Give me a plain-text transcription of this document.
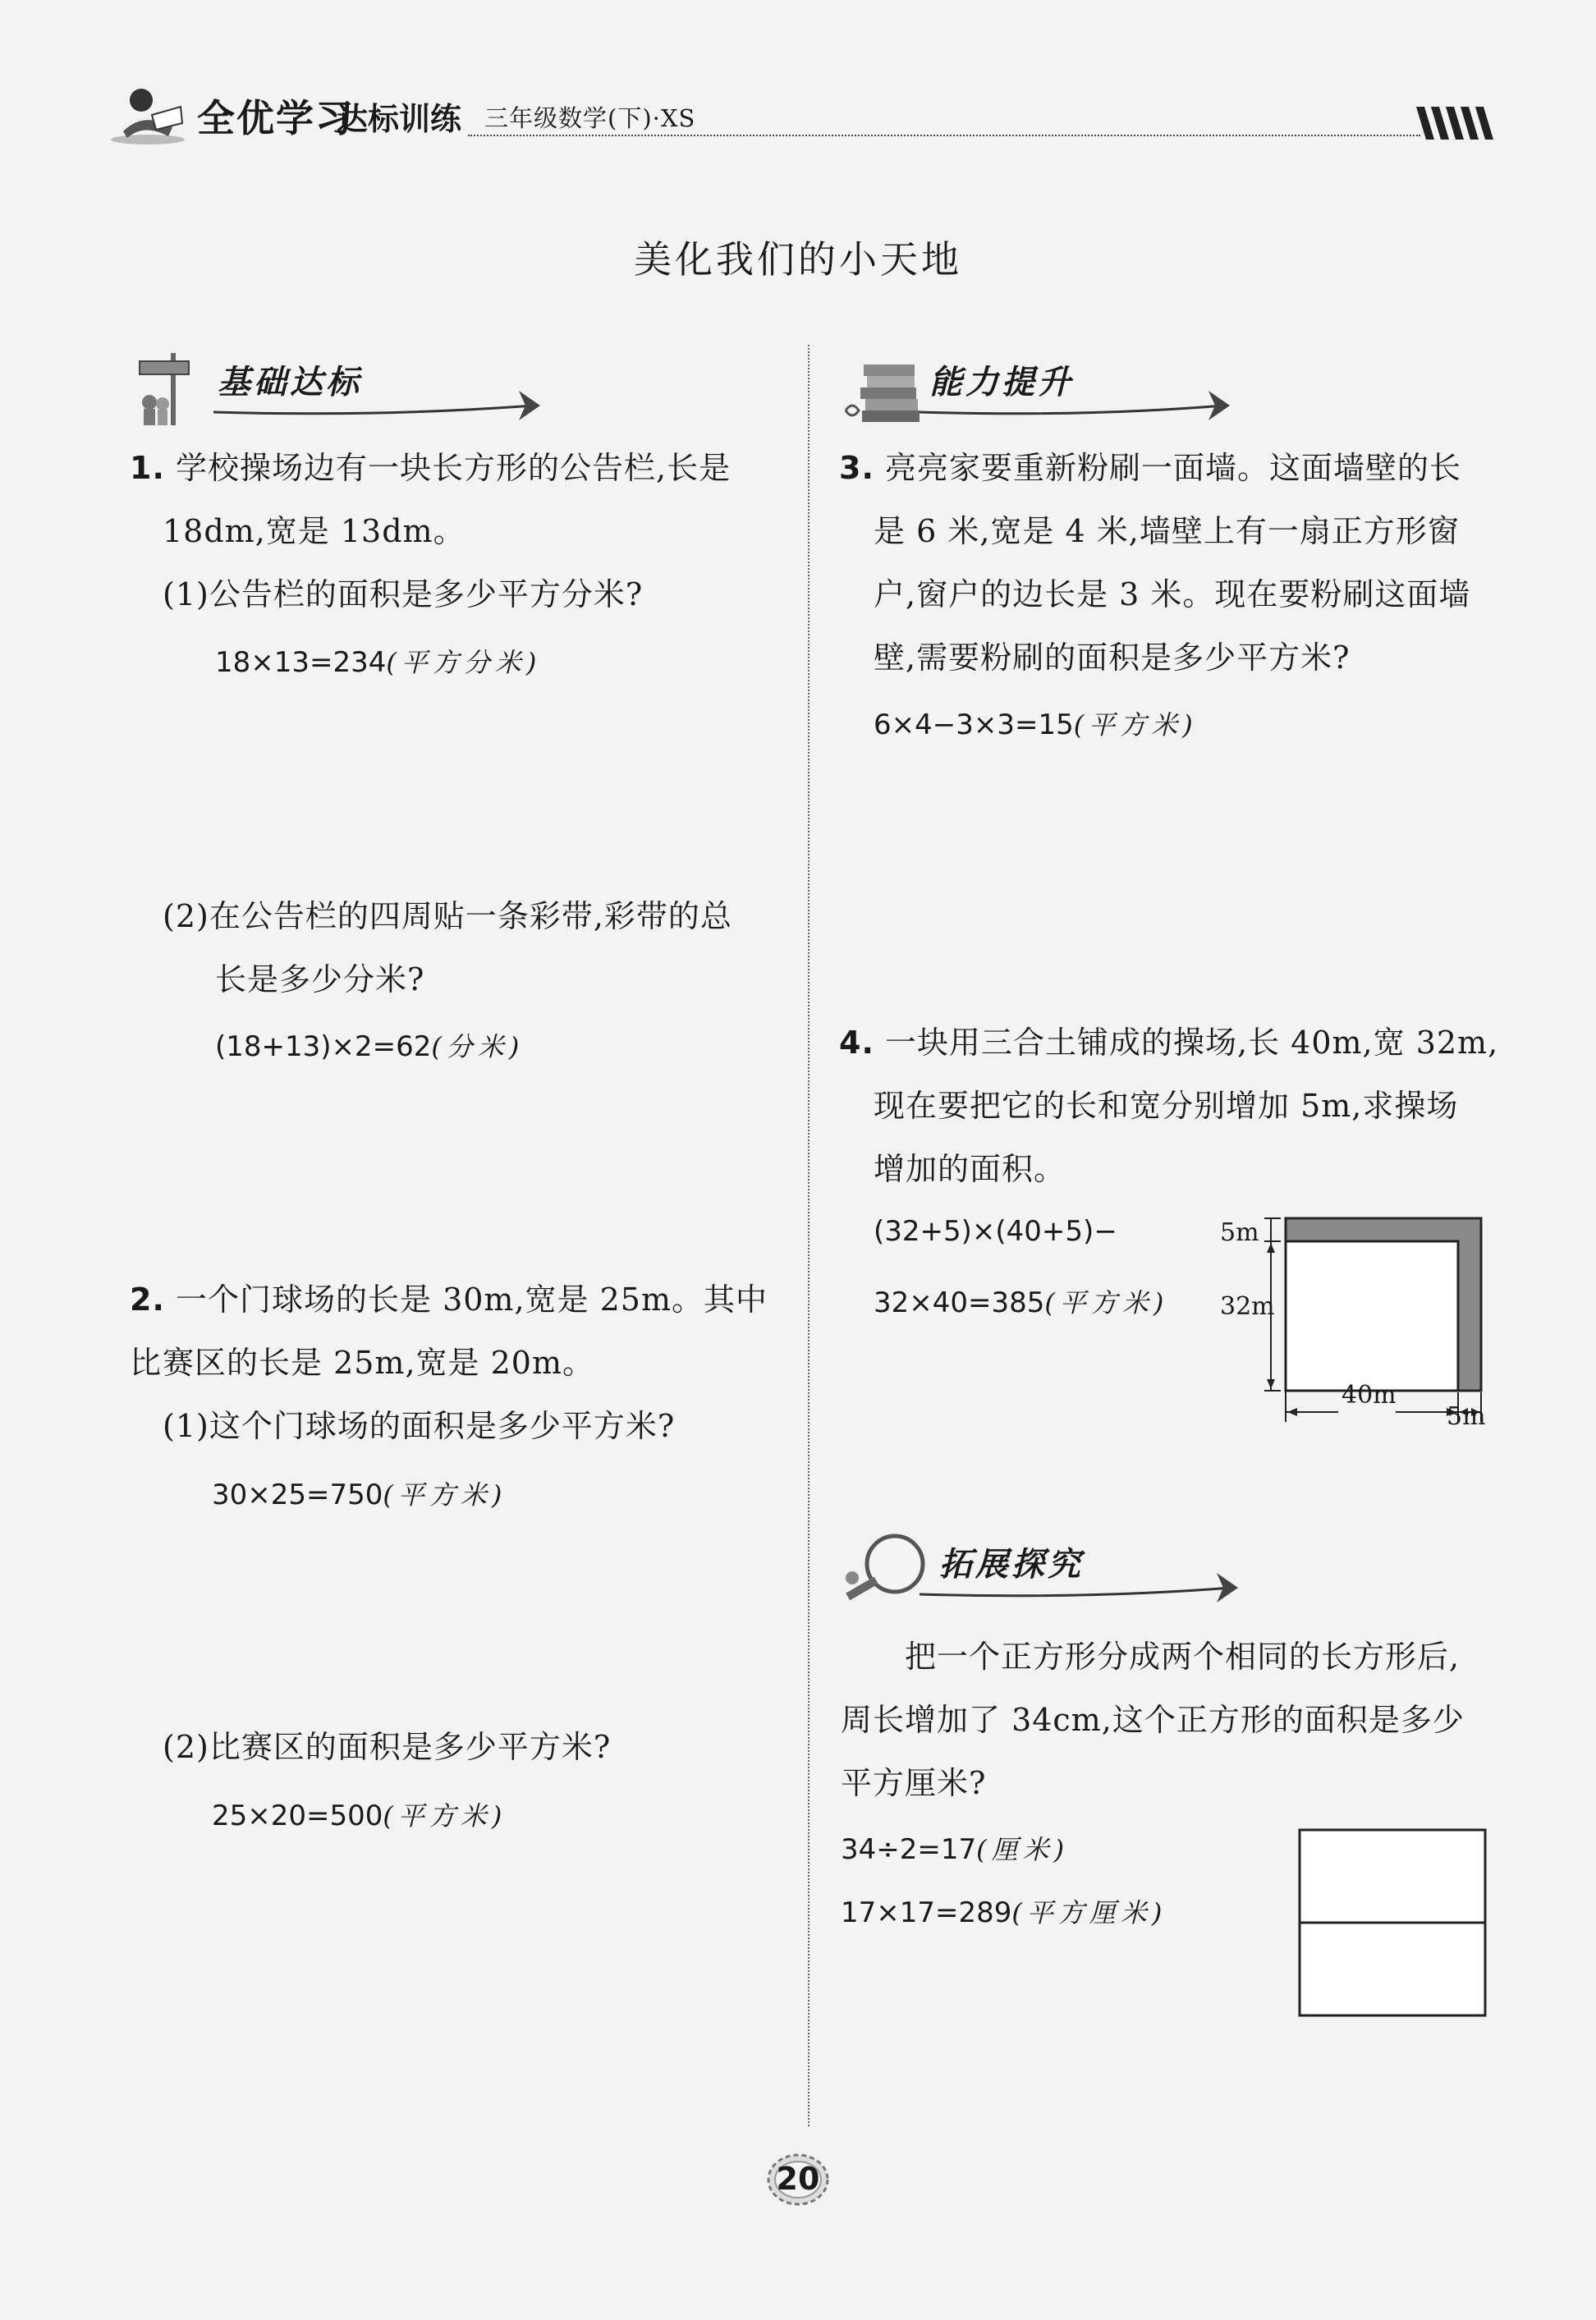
全优学习
达标训练 三年级数学(下)·XS
美化我们的小天地
基础达标	能力提升
拓展探究
1. 学校操场边有一块长方形的公告栏,长是
18dm,宽是 13dm。
(1)公告栏的面积是多少平方分米?
18×13=234(平方分米)
(2)在公告栏的四周贴一条彩带,彩带的总
长是多少分米?
(18+13)×2=62(分米)
2. 一个门球场的长是 30m,宽是 25m。其中比 赛区的长是 25m,宽是 20m。
(1)这个门球场的面积是多少平方米?
30×25=750(平方米)
(2)比赛区的面积是多少平方米?
25×20=500(平方米)
3. 亮亮家要重新粉刷一面墙。这面墙壁的长
是 6 米,宽是 4 米,墙壁上有一扇正方形窗
户,窗户的边长是 3 米。现在要粉刷这面墙
壁,需要粉刷的面积是多少平方米?
6×4−3×3=15(平方米)
4. 一块用三合土铺成的操场,长 40m,宽 32m,
现在要把它的长和宽分别增加 5m,求操场
增加的面积。
(32+5)×(40+5)−
32×40=385(平方米)
5m
32m
40m
5m
把一个正方形分成两个相同的长方形后,
周长增加了 34cm,这个正方形的面积是多少
平方厘米?
34÷2=17(厘米)
17×17=289(平方厘米)
20
